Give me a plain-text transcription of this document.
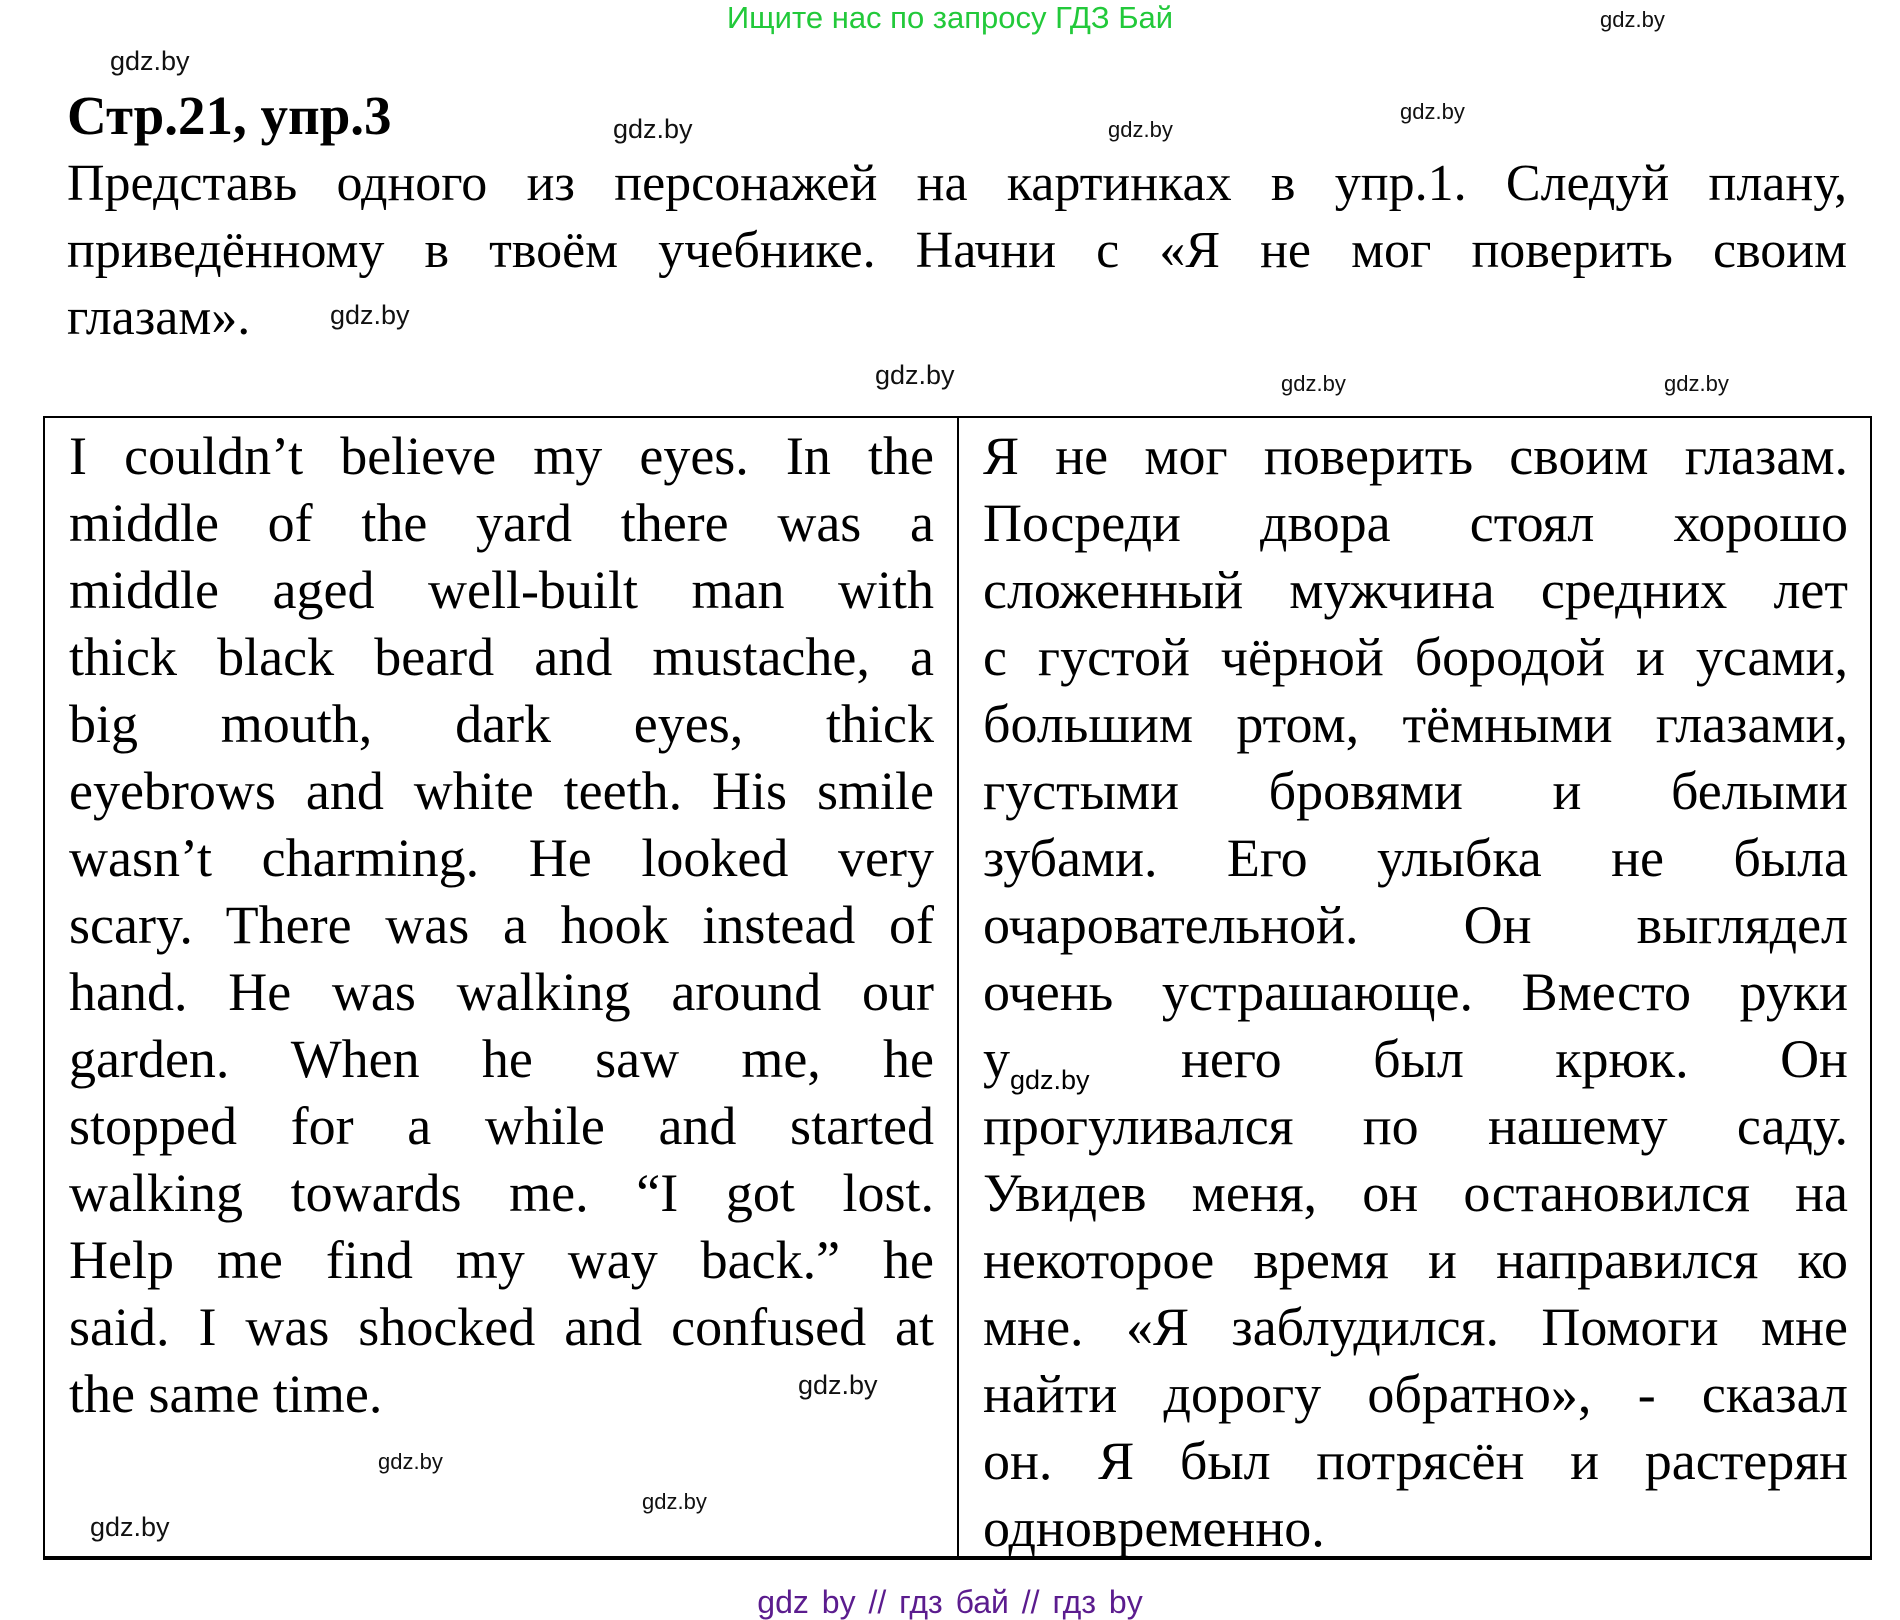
Ищите нас по запросу ГДЗ Бай
gdz.by
Стр.21, упр.3	gdz.by
Представь одного из персонажей на картинках в упр.1. Следуй плану,
приведённому в твоём учебнике. Начни с «Я не мог поверить своим
глазам».
gdz.by
gdz.by
gdz.by	gdz.by	gdz.by
gdz.by
gdz.by
I couldn’t believe my eyes. In the
middle of the yard there was a
middle aged well-built man with
thick black beard and mustache, a
big mouth, dark eyes, thick
eyebrows and white teeth. His smile
wasn’t charming. He looked very
scary. There was a hook instead of
hand. He was walking around our
garden. When he saw me, he
stopped for a while and started
walking towards me. “I got lost.
Help me find my way back.” he
said. I was shocked and confused at
the same time.
Я не мог поверить своим глазам.
Посреди двора стоял хорошо
сложенный мужчина средних лет
с густой чёрной бородой и усами,
большим ртом, тёмными глазами,
густыми бровями и белыми
зубами. Его улыбка не была
очаровательной. Он выглядел
очень устрашающе. Вместо руки
$у_{gdz.by}$ него был крюк. Он
прогуливался по нашему саду.
Увидев меня, он остановился на
некоторое время и направился ко
мне. «Я заблудился. Помоги мне
найти дорогу обратно», - сказал
он. Я был потрясён и растерян
одновременно.
gdz.by
gdz.by
gdz.by
gdz.by
gdz by // гдз бай // гдз by
